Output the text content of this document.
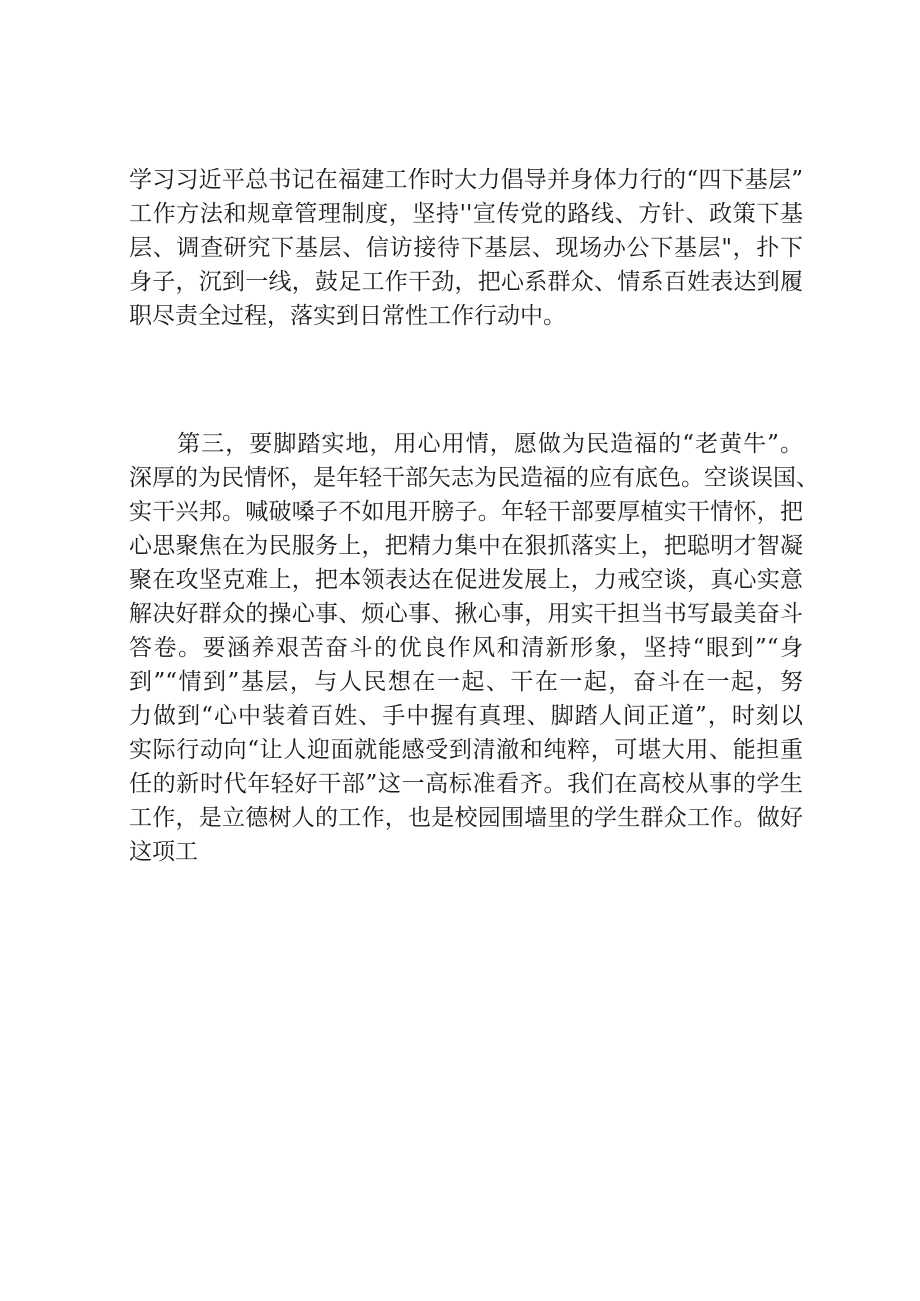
学习习近平总书记在福建工作时大力倡导并身体力行的“四下基层”
工作方法和规章管理制度，坚持''宣传党的路线、方针、政策下基
层、调查研究下基层、信访接待下基层、现场办公下基层"，扑下
身子，沉到一线，鼓足工作干劲，把心系群众、情系百姓表达到履
职尽责全过程，落实到日常性工作行动中。
　　第三，要脚踏实地，用心用情，愿做为民造福的“老黄牛”。
深厚的为民情怀，是年轻干部矢志为民造福的应有底色。空谈误国、
实干兴邦。喊破嗓子不如甩开膀子。年轻干部要厚植实干情怀，把
心思聚焦在为民服务上，把精力集中在狠抓落实上，把聪明才智凝
聚在攻坚克难上，把本领表达在促进发展上，力戒空谈，真心实意
解决好群众的操心事、烦心事、揪心事，用实干担当书写最美奋斗
答卷。要涵养艰苦奋斗的优良作风和清新形象，坚持“眼到”“身
到”“情到”基层，与人民想在一起、干在一起，奋斗在一起，努
力做到“心中装着百姓、手中握有真理、脚踏人间正道”，时刻以
实际行动向“让人迎面就能感受到清澈和纯粹，可堪大用、能担重
任的新时代年轻好干部”这一高标准看齐。我们在高校从事的学生
工作，是立德树人的工作，也是校园围墙里的学生群众工作。做好
这项工
